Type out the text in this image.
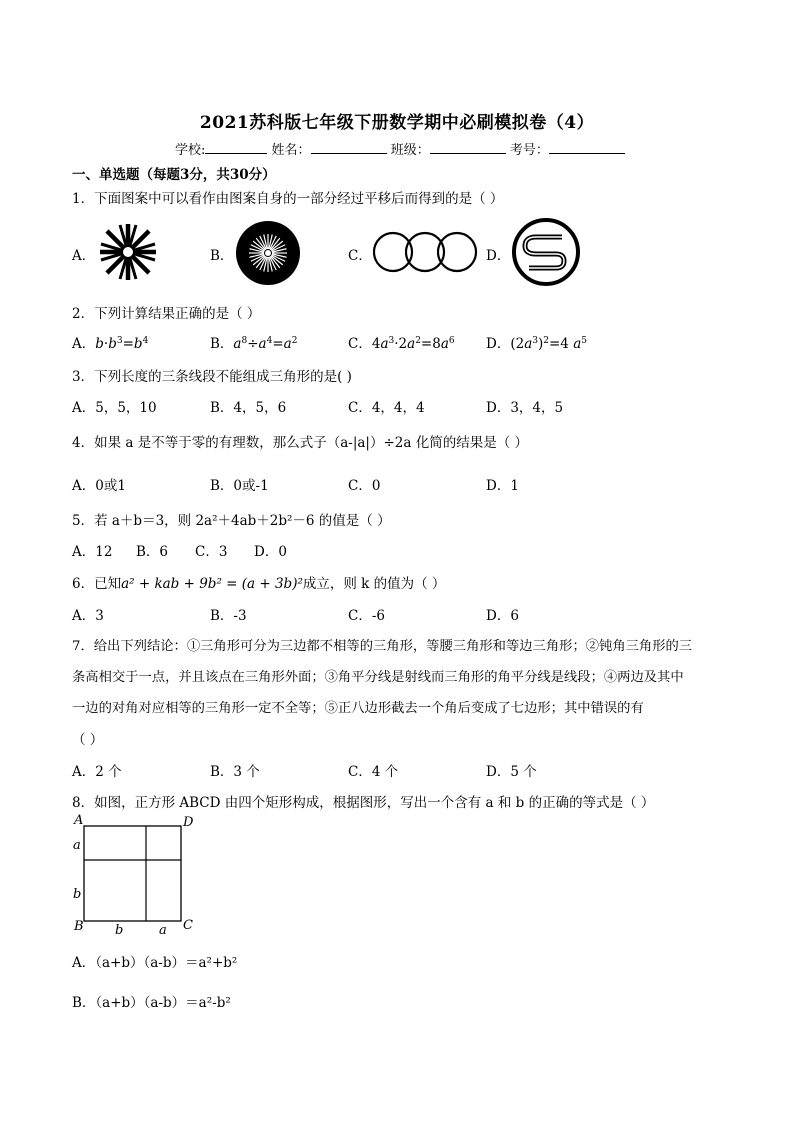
2021苏科版七年级下册数学期中必刷模拟卷（4）
学校:	姓名：	班级：	考号：
一、单选题（每题3分，共30分）
1．下面图案中可以看作由图案自身的一部分经过平移后而得到的是（ ）
A．	B．	C．	D．
2．下列计算结果正确的是（ ）
A．$b\cdot b^3=b^4$	B．$a^8\div a^4=a^2$	C．$4a^3\cdot 2a^2=8a^6$ D．$(2a^3)^2=4$ $a^5$
3．下列长度的三条线段不能组成三角形的是( )
A．5，5，10	B．4，5，6	C．4，4，4	D．3，4，5
4．如果 a 是不等于零的有理数，那么式子（a-|a|）÷2a 化简的结果是（ ）
A．0或1	B．0或-1	C．0	D．1
5．若 a＋b＝3，则 2a²＋4ab＋2b²－6 的值是（ ）
A．12 B．6 C．3 D．0
6．已知a² + kab + 9b² = (a + 3b)²成立，则 k 的值为（ ）
A．3	B．-3	C．-6	D．6
7．给出下列结论：①三角形可分为三边都不相等的三角形，等腰三角形和等边三角形；②钝角三角形的三
条高相交于一点，并且该点在三角形外面；③角平分线是射线而三角形的角平分线是线段；④两边及其中
一边的对角对应相等的三角形一定不全等；⑤正八边形截去一个角后变成了七边形；其中错误的有
（ ）
A．2 个	B．3 个	C．4 个	D．5 个
8．如图，正方形 ABCD 由四个矩形构成，根据图形，写出一个含有 a 和 b 的正确的等式是（ ）
A	D
B	C
a
b
b	a
A．（a+b）（a-b）＝a²+b²
B．（a+b）（a-b）＝a²-b²
